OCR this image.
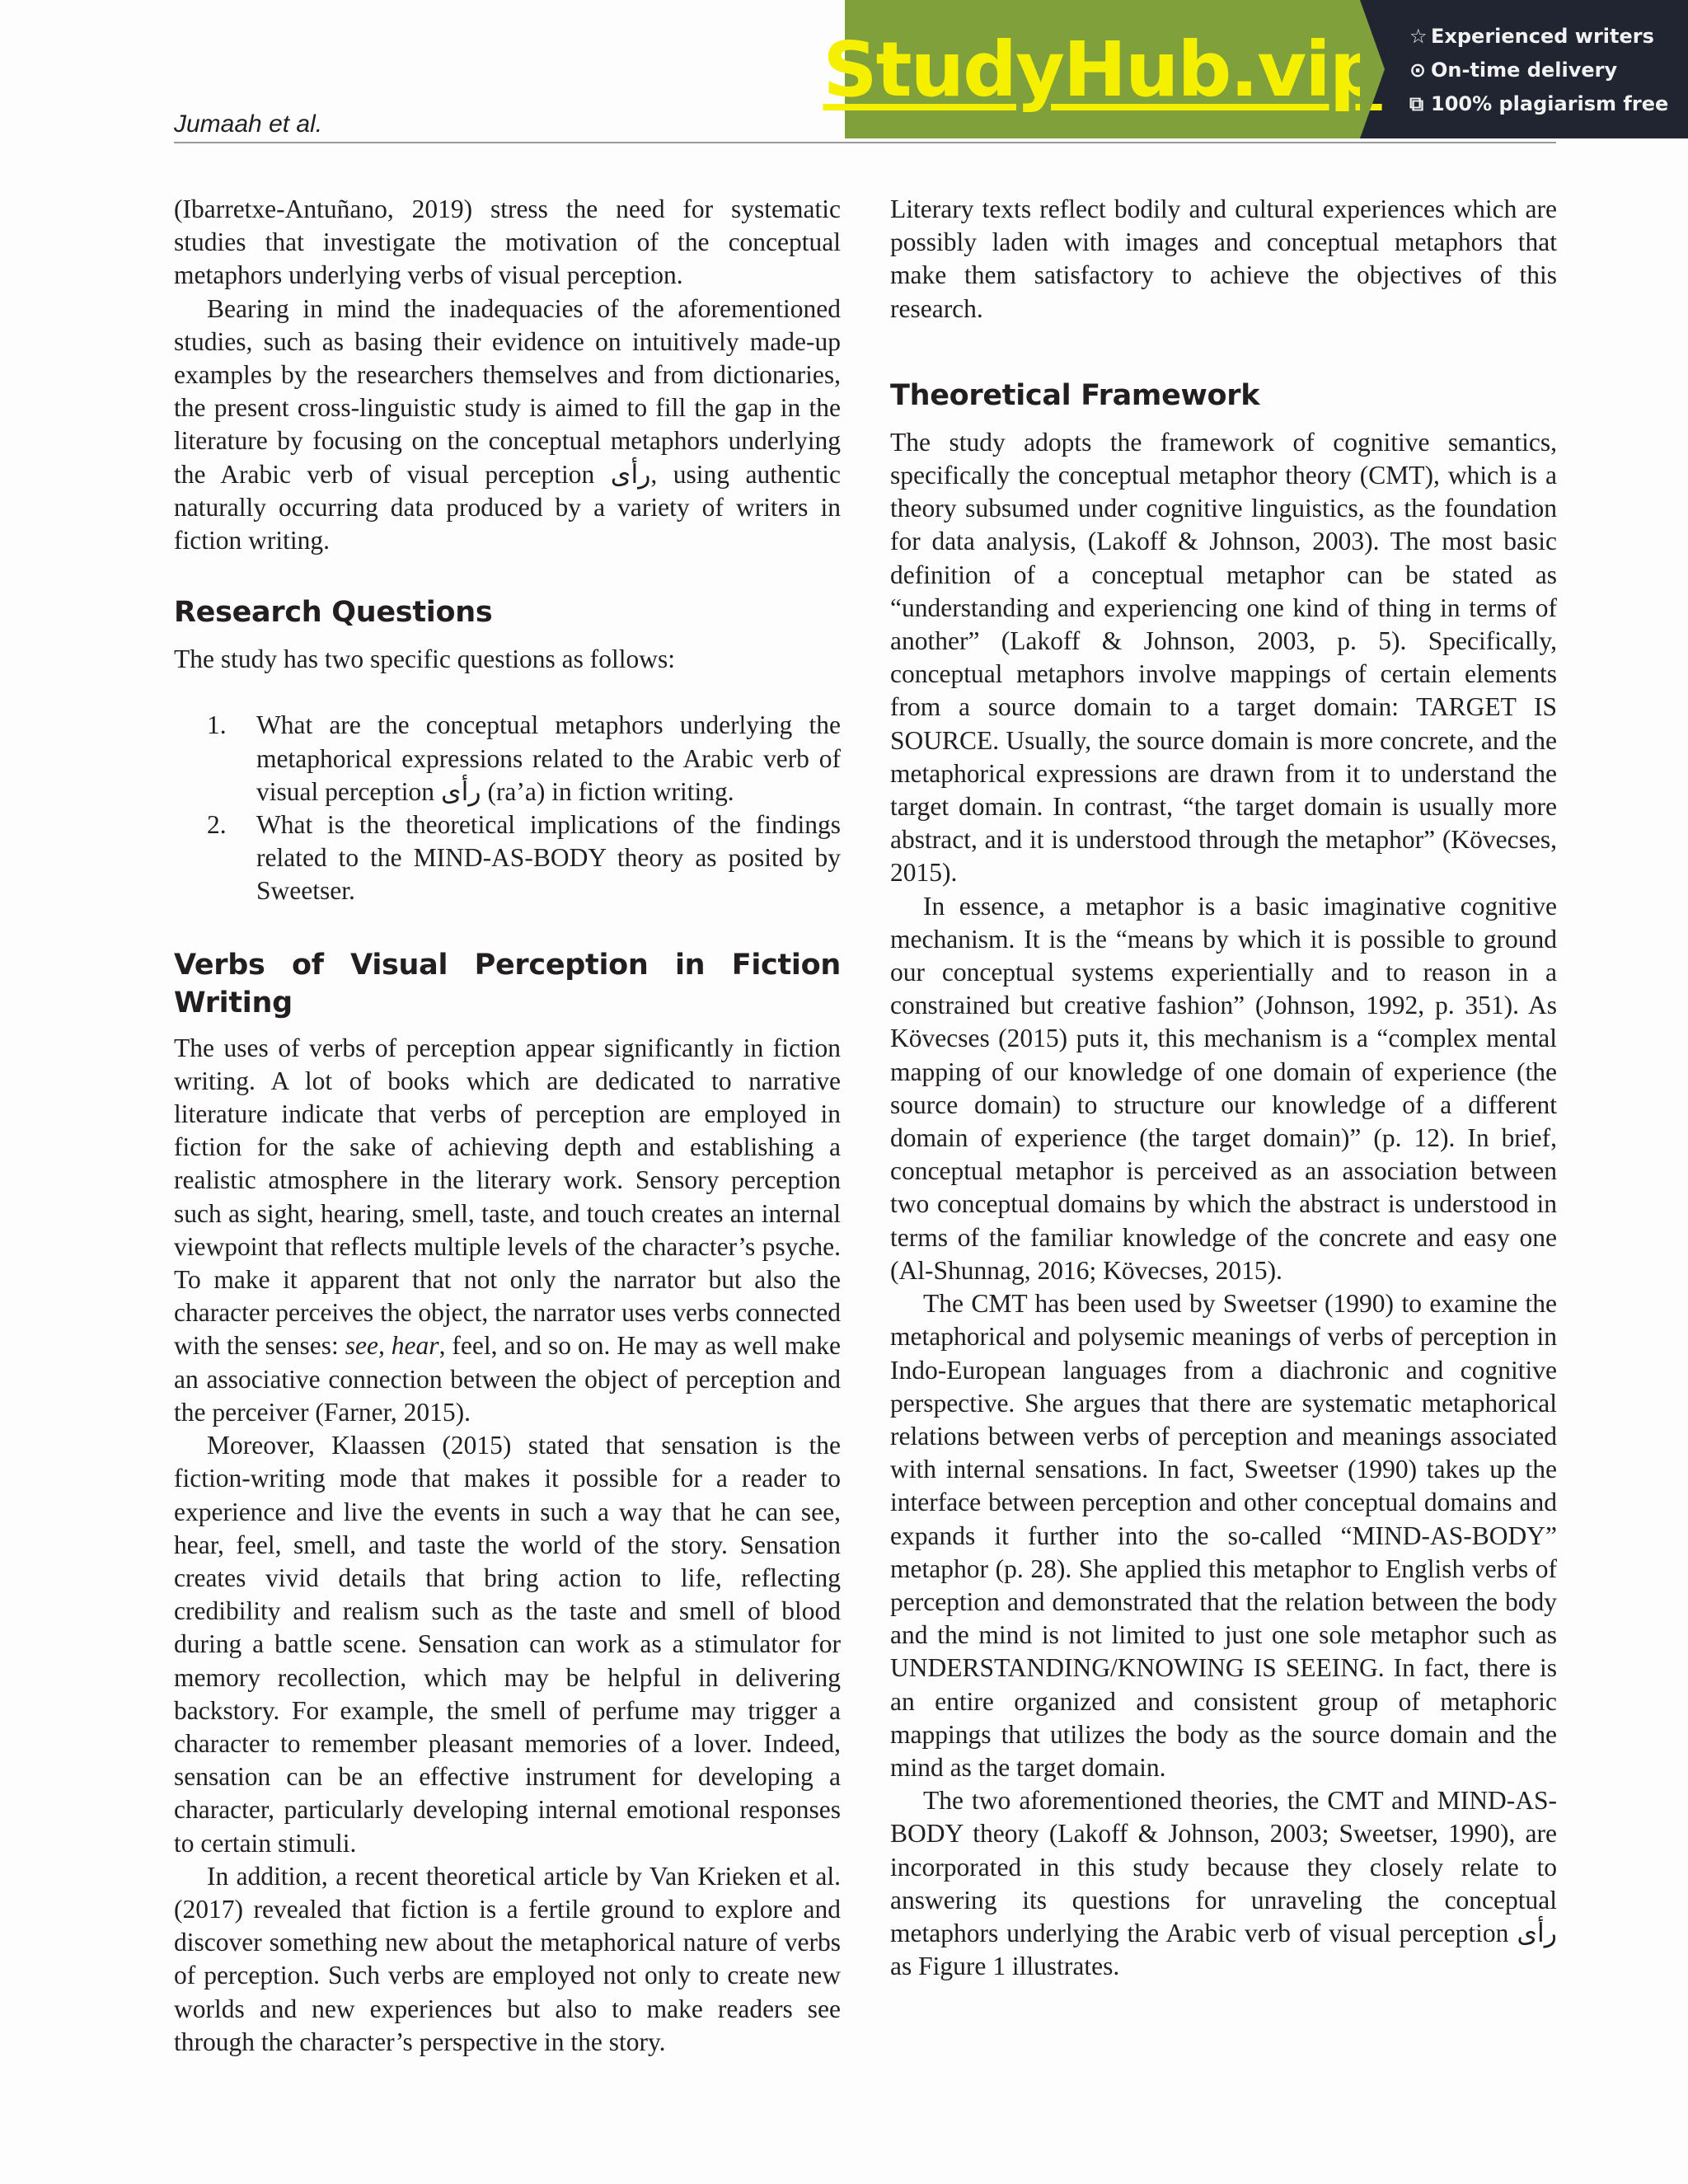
StudyHub.vip ☆ Experienced writers
⊙ On-time delivery
⧉ 100% plagiarism free
Jumaah et al.

(Ibarretxe-Antuñano, 2019) stress the need for systematic studies that investigate the motivation of the conceptual metaphors underlying verbs of visual perception.

Bearing in mind the inadequacies of the aforementioned studies, such as basing their evidence on intuitively made-up examples by the researchers themselves and from dictionaries, the present cross-linguistic study is aimed to fill the gap in the literature by focusing on the conceptual metaphors underlying the Arabic verb of visual perception رأى, using authentic naturally occurring data produced by a variety of writers in fiction writing.

Research Questions

The study has two specific questions as follows:

1.	What are the conceptual metaphors underlying the metaphorical expressions related to the Arabic verb of visual perception رأى (ra’a) in fiction writing.
2.	What is the theoretical implications of the findings related to the MIND-AS-BODY theory as posited by Sweetser.
Verbs of Visual Perception in Fiction Writing

The uses of verbs of perception appear significantly in fiction writing. A lot of books which are dedicated to narrative literature indicate that verbs of perception are employed in fiction for the sake of achieving depth and establishing a realistic atmosphere in the literary work. Sensory perception such as sight, hearing, smell, taste, and touch creates an internal viewpoint that reflects multiple levels of the character’s psyche. To make it apparent that not only the narrator but also the character perceives the object, the narrator uses verbs connected with the senses: see, hear, feel, and so on. He may as well make an associative connection between the object of perception and the perceiver (Farner, 2015).

Moreover, Klaassen (2015) stated that sensation is the fiction-writing mode that makes it possible for a reader to experience and live the events in such a way that he can see, hear, feel, smell, and taste the world of the story. Sensation creates vivid details that bring action to life, reflecting credibility and realism such as the taste and smell of blood during a battle scene. Sensation can work as a stimulator for memory recollection, which may be helpful in delivering backstory. For example, the smell of perfume may trigger a character to remember pleasant memories of a lover. Indeed, sensation can be an effective instrument for developing a character, particularly developing internal emotional responses to certain stimuli.

In addition, a recent theoretical article by Van Krieken et al. (2017) revealed that fiction is a fertile ground to explore and discover something new about the metaphorical nature of verbs of perception. Such verbs are employed not only to create new worlds and new experiences but also to make readers see through the character’s perspective in the story.

Literary texts reflect bodily and cultural experiences which are possibly laden with images and conceptual metaphors that make them satisfactory to achieve the objectives of this research.

Theoretical Framework

The study adopts the framework of cognitive semantics, specifically the conceptual metaphor theory (CMT), which is a theory subsumed under cognitive linguistics, as the foundation for data analysis, (Lakoff & Johnson, 2003). The most basic definition of a conceptual metaphor can be stated as “understanding and experiencing one kind of thing in terms of another” (Lakoff & Johnson, 2003, p. 5). Specifically, conceptual metaphors involve mappings of certain elements from a source domain to a target domain: TARGET IS SOURCE. Usually, the source domain is more concrete, and the metaphorical expressions are drawn from it to understand the target domain. In contrast, “the target domain is usually more abstract, and it is understood through the metaphor” (Kövecses, 2015).

In essence, a metaphor is a basic imaginative cognitive mechanism. It is the “means by which it is possible to ground our conceptual systems experientially and to reason in a constrained but creative fashion” (Johnson, 1992, p. 351). As Kövecses (2015) puts it, this mechanism is a “complex mental mapping of our knowledge of one domain of experience (the source domain) to structure our knowledge of a different domain of experience (the target domain)” (p. 12). In brief, conceptual metaphor is perceived as an association between two conceptual domains by which the abstract is understood in terms of the familiar knowledge of the concrete and easy one (Al-Shunnag, 2016; Kövecses, 2015).

The CMT has been used by Sweetser (1990) to examine the metaphorical and polysemic meanings of verbs of perception in Indo-European languages from a diachronic and cognitive perspective. She argues that there are systematic metaphorical relations between verbs of perception and meanings associated with internal sensations. In fact, Sweetser (1990) takes up the interface between perception and other conceptual domains and expands it further into the so-called “MIND-AS-BODY” metaphor (p. 28). She applied this metaphor to English verbs of perception and demonstrated that the relation between the body and the mind is not limited to just one sole metaphor such as UNDERSTANDING/KNOWING IS SEEING. In fact, there is an entire organized and consistent group of metaphoric mappings that utilizes the body as the source domain and the mind as the target domain.

The two aforementioned theories, the CMT and MIND-AS-BODY theory (Lakoff & Johnson, 2003; Sweetser, 1990), are incorporated in this study because they closely relate to answering its questions for unraveling the conceptual metaphors underlying the Arabic verb of visual perception رأى as Figure 1 illustrates.
